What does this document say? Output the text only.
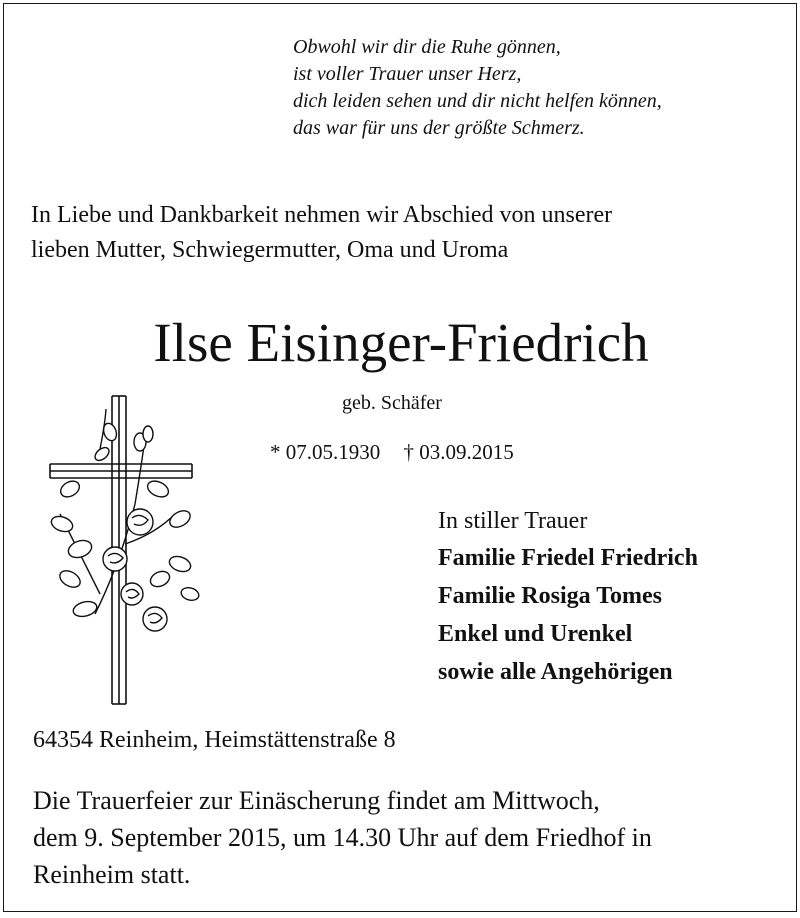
Obwohl wir dir die Ruhe gönnen,
ist voller Trauer unser Herz,
dich leiden sehen und dir nicht helfen können,
das war für uns der größte Schmerz.
In Liebe und Dankbarkeit nehmen wir Abschied von unserer
lieben Mutter, Schwiegermutter, Oma und Uroma
Ilse Eisinger-Friedrich
geb. Schäfer
* 07.05.1930 † 03.09.2015
In stiller Trauer
Familie Friedel Friedrich
Familie Rosiga Tomes
Enkel und Urenkel
sowie alle Angehörigen
64354 Reinheim, Heimstättenstraße 8
Die Trauerfeier zur Einäscherung findet am Mittwoch,
dem 9. September 2015, um 14.30 Uhr auf dem Friedhof in
Reinheim statt.
